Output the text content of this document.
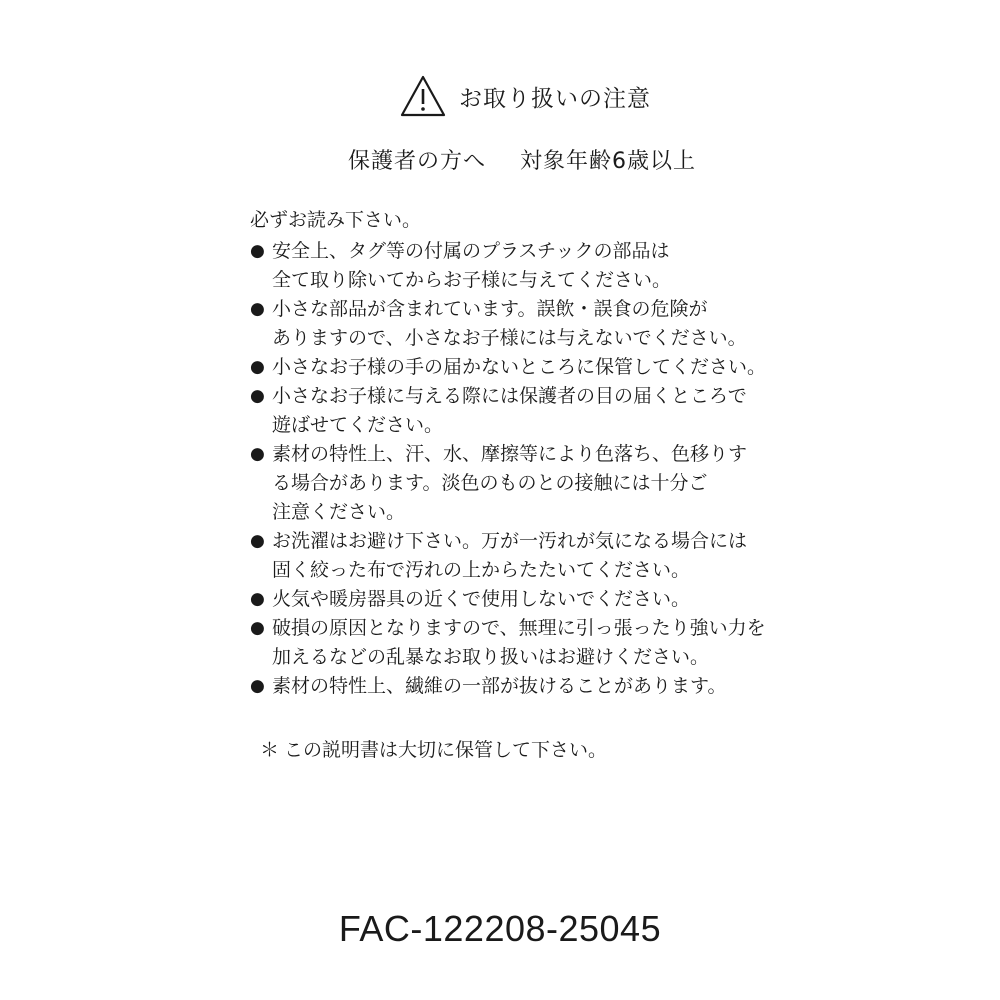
お取り扱いの注意
保護者の方へ 対象年齢6歳以上
必ずお読み下さい。
● 安全上、タグ等の付属のプラスチックの部品は
全て取り除いてからお子様に与えてください。
● 小さな部品が含まれています。誤飲・誤食の危険が
ありますので、小さなお子様には与えないでください。
● 小さなお子様の手の届かないところに保管してください。
● 小さなお子様に与える際には保護者の目の届くところで
遊ばせてください。
● 素材の特性上、汗、水、摩擦等により色落ち、色移りす
る場合があります。淡色のものとの接触には十分ご
注意ください。
● お洗濯はお避け下さい。万が一汚れが気になる場合には
固く絞った布で汚れの上からたたいてください。
● 火気や暖房器具の近くで使用しないでください。
● 破損の原因となりますので、無理に引っ張ったり強い力を
加えるなどの乱暴なお取り扱いはお避けください。
● 素材の特性上、繊維の一部が抜けることがあります。
＊ この説明書は大切に保管して下さい。
FAC-122208-25045
